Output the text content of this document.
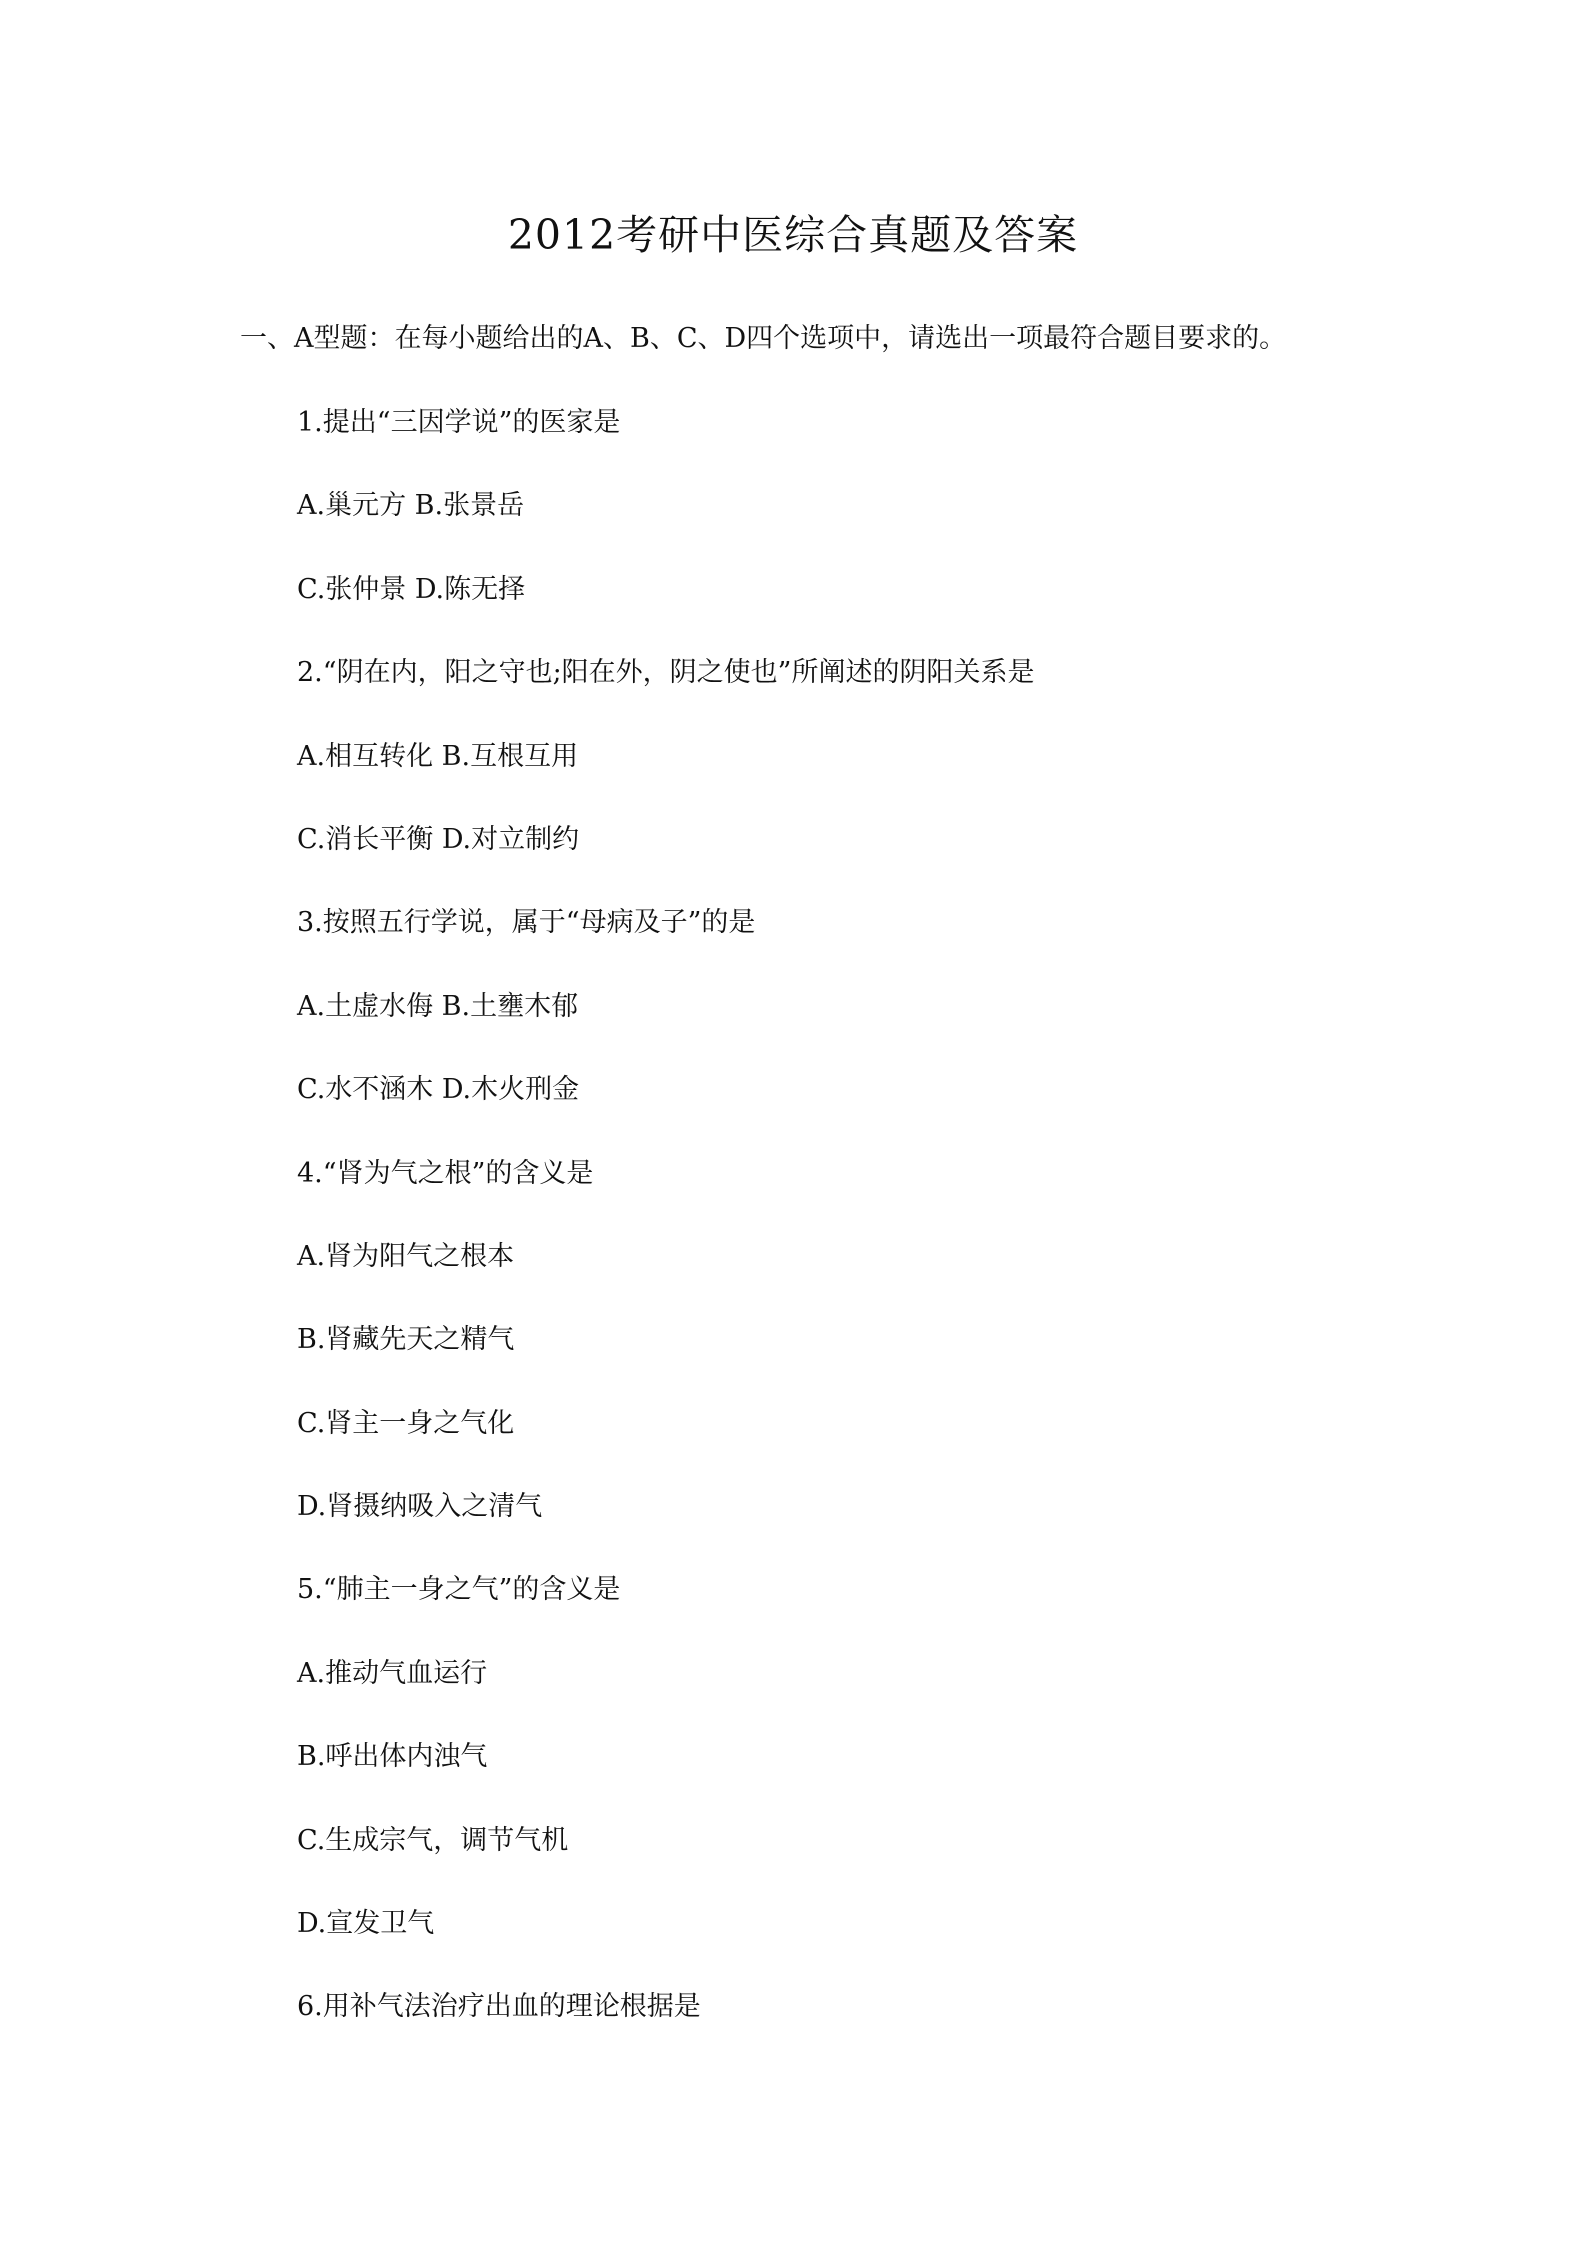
2012考研中医综合真题及答案
一、A型题：在每小题给出的A、B、C、D四个选项中，请选出一项最符合题目要求的。
1.提出“三因学说”的医家是
A.巢元方 B.张景岳
C.张仲景 D.陈无择
2.“阴在内，阳之守也;阳在外，阴之使也”所阐述的阴阳关系是
A.相互转化 B.互根互用
C.消长平衡 D.对立制约
3.按照五行学说，属于“母病及子”的是
A.土虚水侮 B.土壅木郁
C.水不涵木 D.木火刑金
4.“肾为气之根”的含义是
A.肾为阳气之根本
B.肾藏先天之精气
C.肾主一身之气化
D.肾摄纳吸入之清气
5.“肺主一身之气”的含义是
A.推动气血运行
B.呼出体内浊气
C.生成宗气，调节气机
D.宣发卫气
6.用补气法治疗出血的理论根据是
